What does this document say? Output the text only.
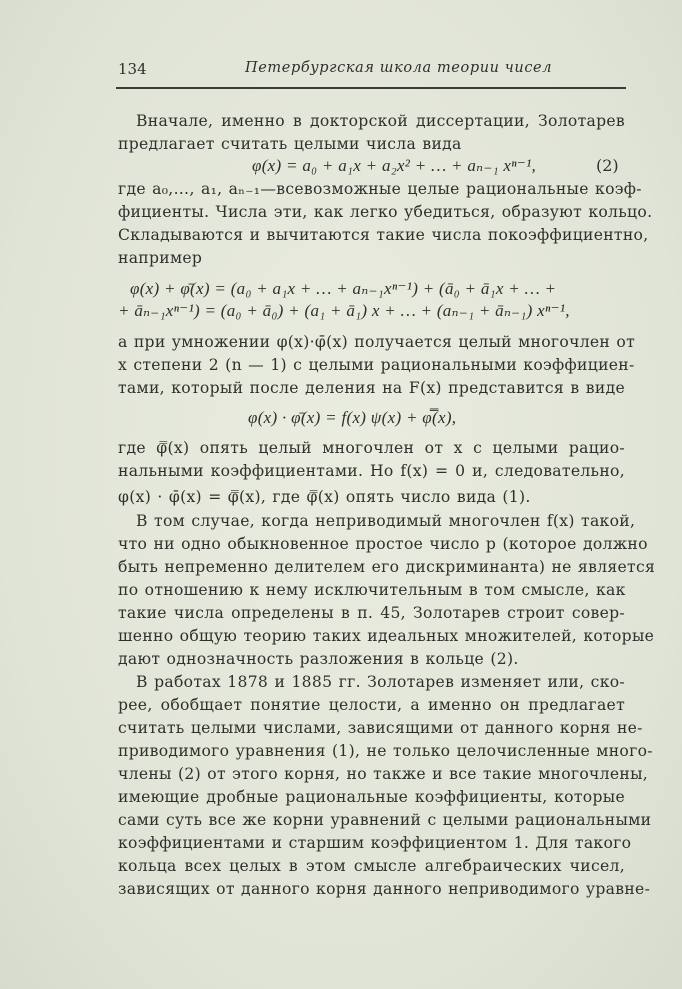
134	Петербургская школа теории чисел
Вначале, именно в докторской диссертации, Золотарев
предлагает считать целыми числа вида
φ(x) = a₀ + a₁x + a₂x² + … + aₙ₋₁ xⁿ⁻¹,	(2)
где a₀,…, a₁, aₙ₋₁—всевозможные целые рациональные коэф-
фициенты. Числа эти, как легко убедиться, образуют кольцо.
Складываются и вычитаются такие числа покоэффициентно,
например
φ(x) + φ̄(x) = (a₀ + a₁x + … + aₙ₋₁xⁿ⁻¹) + (ā₀ + ā₁x + … +
+ āₙ₋₁xⁿ⁻¹) = (a₀ + ā₀) + (a₁ + ā₁) x + … + (aₙ₋₁ + āₙ₋₁) xⁿ⁻¹,
а при умножении φ(x)·φ̄(x) получается целый многочлен от
x степени 2 (n — 1) с целыми рациональными коэффициен-
тами, который после деления на F(x) представится в виде
φ(x) · φ̄(x) = f(x) ψ(x) + φ̿(x),
где φ̿(x) опять целый многочлен от x с целыми рацио-
нальными коэффициентами. Но f(x) = 0 и, следовательно,
φ(x) · φ̄(x) = φ̿(x), где φ̿(x) опять число вида (1).
В том случае, когда неприводимый многочлен f(x) такой,
что ни одно обыкновенное простое число p (которое должно
быть непременно делителем его дискриминанта) не является
по отношению к нему исключительным в том смысле, как
такие числа определены в п. 45, Золотарев строит совер-
шенно общую теорию таких идеальных множителей, которые
дают однозначность разложения в кольце (2).
В работах 1878 и 1885 гг. Золотарев изменяет или, ско-
рее, обобщает понятие целости, а именно он предлагает
считать целыми числами, зависящими от данного корня не-
приводимого уравнения (1), не только целочисленные много-
члены (2) от этого корня, но также и все такие многочлены,
имеющие дробные рациональные коэффициенты, которые
сами суть все же корни уравнений с целыми рациональными
коэффициентами и старшим коэффициентом 1. Для такого
кольца всех целых в этом смысле алгебраических чисел,
зависящих от данного корня данного неприводимого уравне-
